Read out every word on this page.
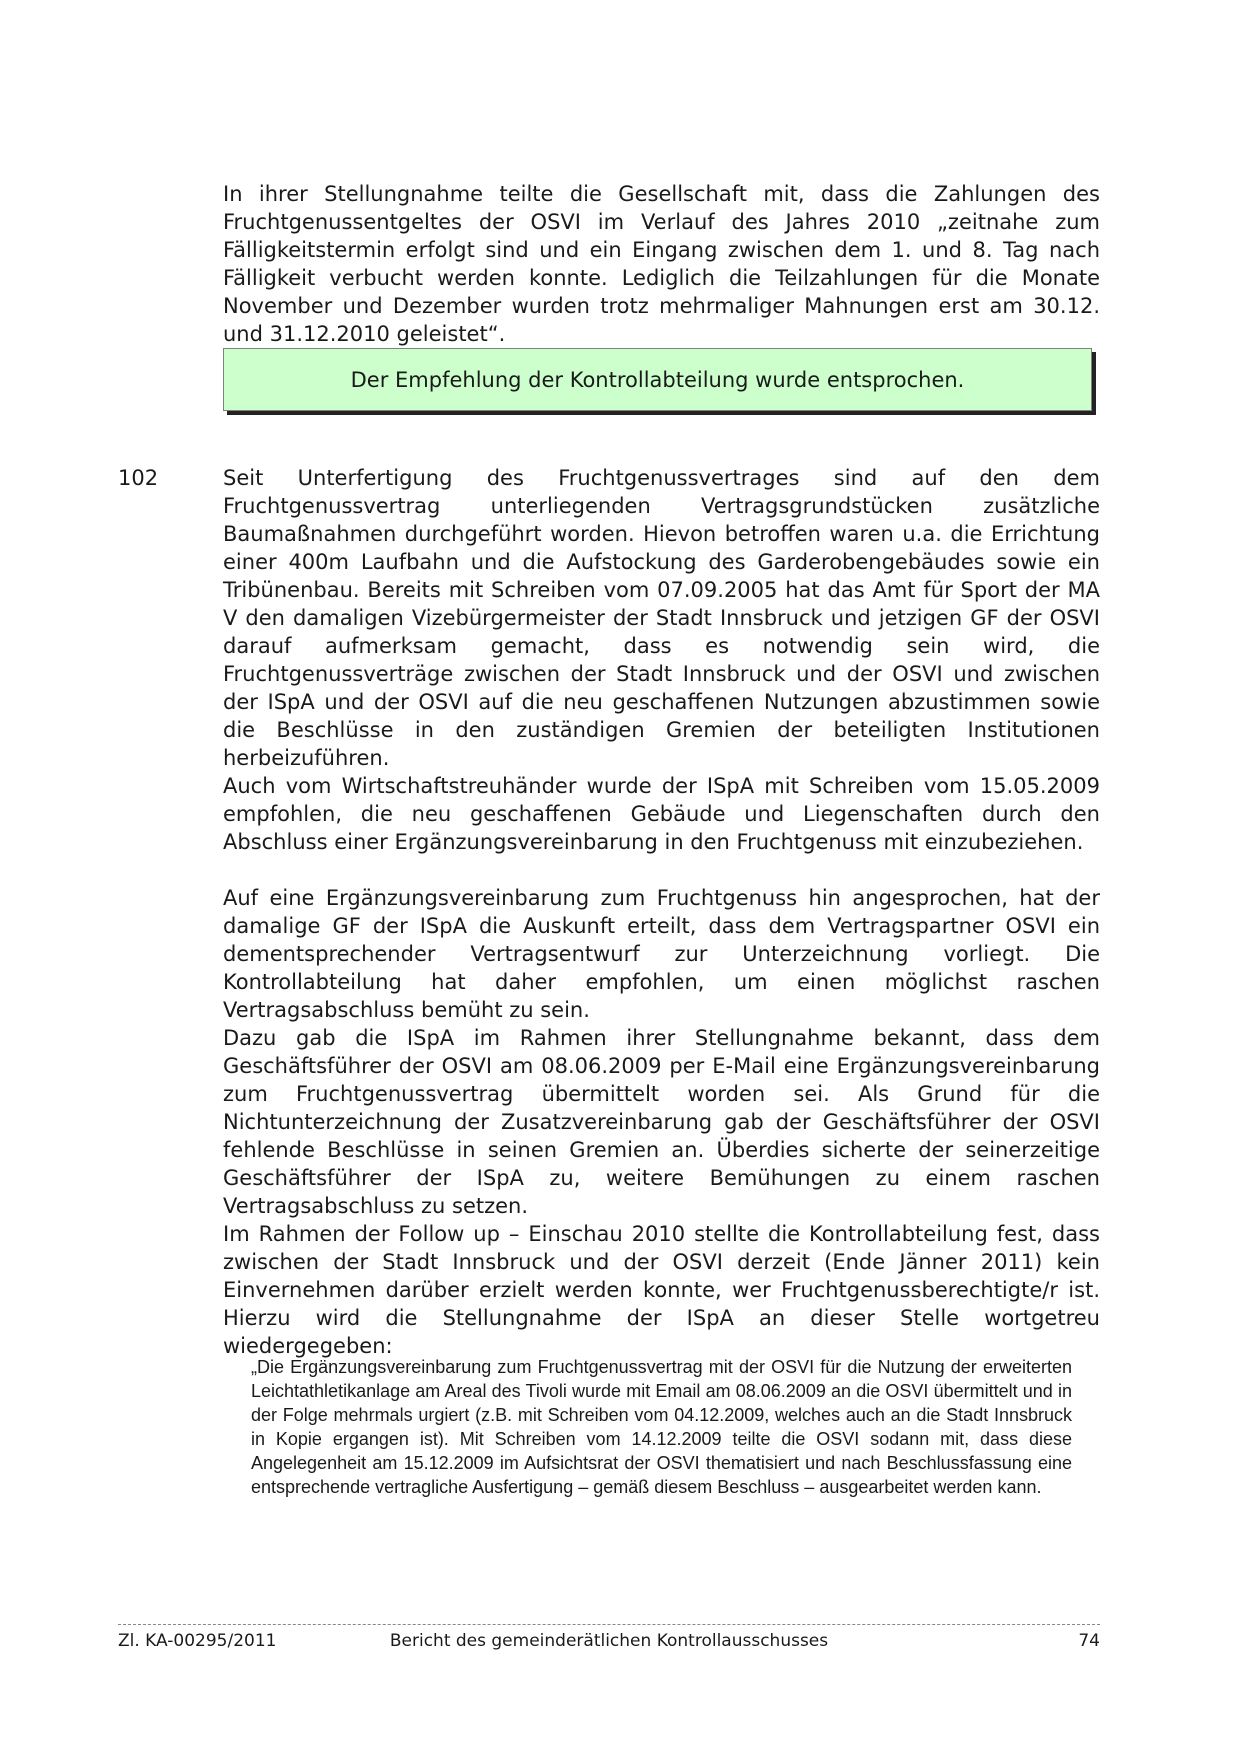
In ihrer Stellungnahme teilte die Gesellschaft mit, dass die Zahlungen des Fruchtgenussentgeltes der OSVI im Verlauf des Jahres 2010 „zeitnahe zum Fälligkeitstermin erfolgt sind und ein Eingang zwischen dem 1. und 8. Tag nach Fälligkeit verbucht werden konnte. Lediglich die Teilzahlungen für die Monate November und Dezember wurden trotz mehrmaliger Mahnungen erst am 30.12. und 31.12.2010 geleistet“.

Der Empfehlung der Kontrollabteilung wurde entsprochen.

102	Seit Unterfertigung des Fruchtgenussvertrages sind auf den dem Fruchtgenussvertrag unterliegenden Vertragsgrundstücken zusätzliche Baumaßnahmen durchgeführt worden. Hievon betroffen waren u.a. die Errichtung einer 400m Laufbahn und die Aufstockung des Garderobengebäudes sowie ein Tribünenbau. Bereits mit Schreiben vom 07.09.2005 hat das Amt für Sport der MA V den damaligen Vizebürgermeister der Stadt Innsbruck und jetzigen GF der OSVI darauf aufmerksam gemacht, dass es notwendig sein wird, die Fruchtgenussverträge zwischen der Stadt Innsbruck und der OSVI und zwischen der ISpA und der OSVI auf die neu geschaffenen Nutzungen abzustimmen sowie die Beschlüsse in den zuständigen Gremien der beteiligten Institutionen herbeizuführen.

Auch vom Wirtschaftstreuhänder wurde der ISpA mit Schreiben vom 15.05.2009 empfohlen, die neu geschaffenen Gebäude und Liegenschaften durch den Abschluss einer Ergänzungsvereinbarung in den Fruchtgenuss mit einzubeziehen.

Auf eine Ergänzungsvereinbarung zum Fruchtgenuss hin angesprochen, hat der damalige GF der ISpA die Auskunft erteilt, dass dem Vertragspartner OSVI ein dementsprechender Vertragsentwurf zur Unterzeichnung vorliegt. Die Kontrollabteilung hat daher empfohlen, um einen möglichst raschen Vertragsabschluss bemüht zu sein.

Dazu gab die ISpA im Rahmen ihrer Stellungnahme bekannt, dass dem Geschäftsführer der OSVI am 08.06.2009 per E-Mail eine Ergänzungsvereinbarung zum Fruchtgenussvertrag übermittelt worden sei. Als Grund für die Nichtunterzeichnung der Zusatzvereinbarung gab der Geschäftsführer der OSVI fehlende Beschlüsse in seinen Gremien an. Überdies sicherte der seinerzeitige Geschäftsführer der ISpA zu, weitere Bemühungen zu einem raschen Vertragsabschluss zu setzen.

Im Rahmen der Follow up – Einschau 2010 stellte die Kontrollabteilung fest, dass zwischen der Stadt Innsbruck und der OSVI derzeit (Ende Jänner 2011) kein Einvernehmen darüber erzielt werden konnte, wer Fruchtgenussberechtigte/r ist. Hierzu wird die Stellungnahme der ISpA an dieser Stelle wortgetreu wiedergegeben:

„Die Ergänzungsvereinbarung zum Fruchtgenussvertrag mit der OSVI für die Nutzung der erweiterten Leichtathletikanlage am Areal des Tivoli wurde mit Email am 08.06.2009 an die OSVI übermittelt und in der Folge mehrmals urgiert (z.B. mit Schreiben vom 04.12.2009, welches auch an die Stadt Innsbruck in Kopie ergangen ist). Mit Schreiben vom 14.12.2009 teilte die OSVI sodann mit, dass diese Angelegenheit am 15.12.2009 im Aufsichtsrat der OSVI thematisiert und nach Beschlussfassung eine entsprechende vertragliche Ausfertigung – gemäß diesem Beschluss – ausgearbeitet werden kann.

Zl. KA-00295/2011	Bericht des gemeinderätlichen Kontrollausschusses	74
